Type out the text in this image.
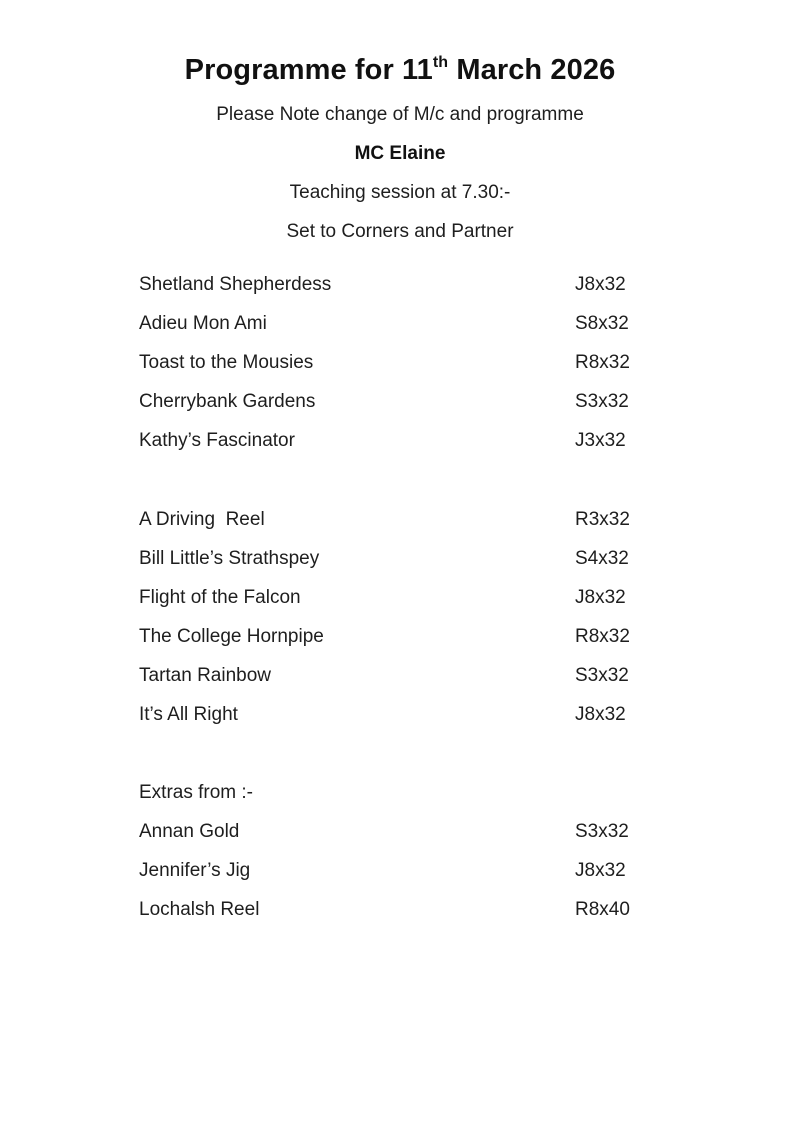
Programme for 11th March 2026
Please Note change of M/c and programme
MC Elaine
Teaching session at 7.30:-
Set to Corners and Partner
Shetland Shepherdess	J8x32
Adieu Mon Ami	S8x32
Toast to the Mousies	R8x32
Cherrybank Gardens	S3x32
Kathy’s Fascinator	J3x32
A Driving  Reel	R3x32
Bill Little’s Strathspey	S4x32
Flight of the Falcon	J8x32
The College Hornpipe	R8x32
Tartan Rainbow	S3x32
It’s All Right	J8x32
Extras from :-
Annan Gold	S3x32
Jennifer’s Jig	J8x32
Lochalsh Reel	R8x40
